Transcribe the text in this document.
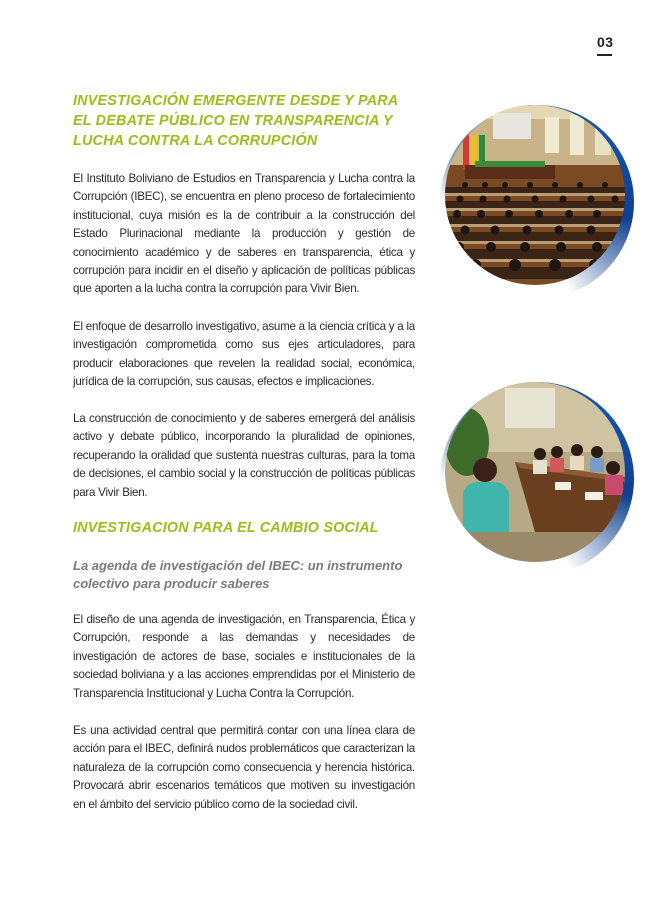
03
INVESTIGACIÓN EMERGENTE DESDE Y PARA EL DEBATE PÚBLICO EN TRANSPARENCIA Y LUCHA CONTRA LA CORRUPCIÓN

El Instituto Boliviano de Estudios en Transparencia y Lucha contra la Corrupción (IBEC), se encuentra en pleno proceso de fortalecimiento institucional, cuya misión es la de contribuir a la construcción del Estado Plurinacional mediante la producción y gestión de conocimiento académico y de saberes en transparencia, ética y corrupción para incidir en el diseño y aplicación de políticas públicas que aporten a la lucha contra la corrupción para Vivir Bien.

El enfoque de desarrollo investigativo, asume a la ciencia crítica y a la investigación comprometida como sus ejes articuladores, para producir elaboraciones que revelen la realidad social, económica, jurídica de la corrupción, sus causas, efectos e implicaciones.

La construcción de conocimiento y de saberes emergerá del análisis activo y debate público, incorporando la pluralidad de opiniones, recuperando la oralidad que sustenta nuestras culturas, para la toma de decisiones, el cambio social y la construcción de políticas públicas para Vivir Bien.

INVESTIGACION PARA EL CAMBIO SOCIAL
La agenda de investigación del IBEC: un instrumento colectivo para producir saberes

El diseño de una agenda de investigación, en Transparencia, Ética y Corrupción, responde a las demandas y necesidades de investigación de actores de base, sociales e institucionales de la sociedad boliviana y a las acciones emprendidas por el Ministerio de Transparencia Institucional y Lucha Contra la Corrupción.

Es una actividad central que permitirá contar con una línea clara de acción para el IBEC, definirá nudos problemáticos que caracterizan la naturaleza de la corrupción como consecuencia y herencia histórica. Provocará abrir escenarios temáticos que motiven su investigación en el ámbito del servicio público como de la sociedad civil.
